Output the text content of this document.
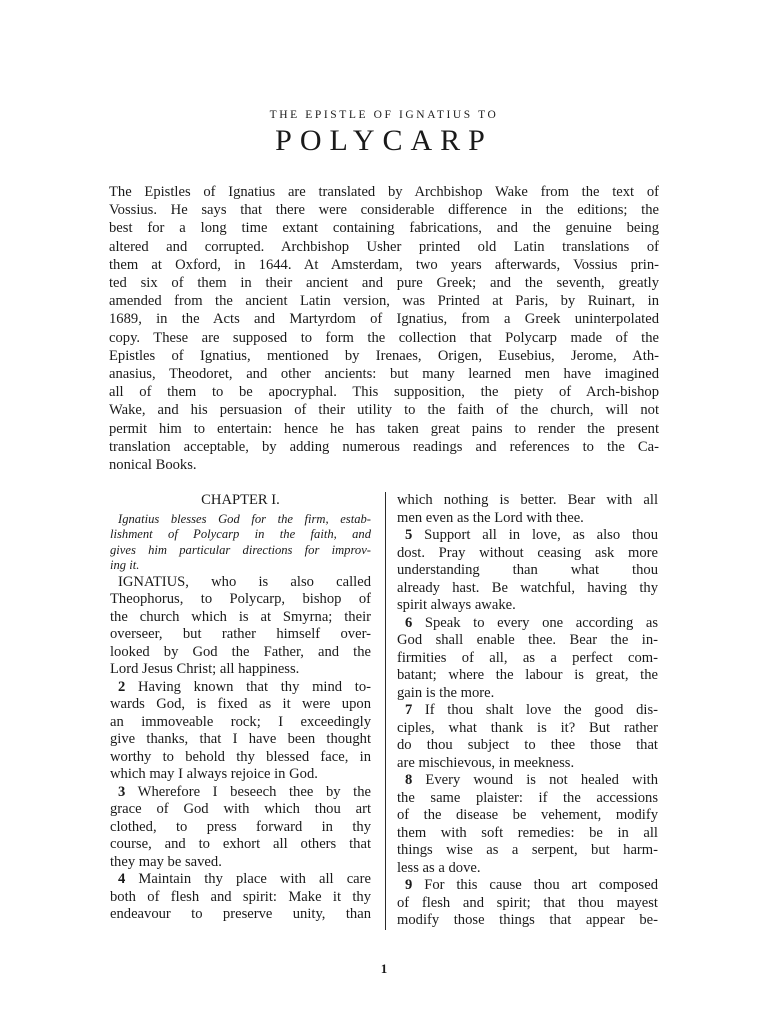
THE EPISTLE OF IGNATIUS TO
POLYCARP
The Epistles of Ignatius are translated by Archbishop Wake from the text of
Vossius. He says that there were considerable difference in the editions; the
best for a long time extant containing fabrications, and the genuine being
altered and corrupted. Archbishop Usher printed old Latin translations of
them at Oxford, in 1644. At Amsterdam, two years afterwards, Vossius prin-
ted six of them in their ancient and pure Greek; and the seventh, greatly
amended from the ancient Latin version, was Printed at Paris, by Ruinart, in
1689, in the Acts and Martyrdom of Ignatius, from a Greek uninterpolated
copy. These are supposed to form the collection that Polycarp made of the
Epistles of Ignatius, mentioned by Irenaes, Origen, Eusebius, Jerome, Ath-
anasius, Theodoret, and other ancients: but many learned men have imagined
all of them to be apocryphal. This supposition, the piety of Arch-bishop
Wake, and his persuasion of their utility to the faith of the church, will not
permit him to entertain: hence he has taken great pains to render the present
translation acceptable, by adding numerous readings and references to the Ca-
nonical Books.
CHAPTER I.
Ignatius blesses God for the firm, estab-
lishment of Polycarp in the faith, and
gives him particular directions for improv-
ing it.
IGNATIUS, who is also called
Theophorus, to Polycarp, bishop of
the church which is at Smyrna; their
overseer, but rather himself over-
looked by God the Father, and the
Lord Jesus Christ; all happiness.
2 Having known that thy mind to-
wards God, is fixed as it were upon
an immoveable rock; I exceedingly
give thanks, that I have been thought
worthy to behold thy blessed face, in
which may I always rejoice in God.
3 Wherefore I beseech thee by the
grace of God with which thou art
clothed, to press forward in thy
course, and to exhort all others that
they may be saved.
4 Maintain thy place with all care
both of flesh and spirit: Make it thy
endeavour to preserve unity, than
which nothing is better. Bear with all
men even as the Lord with thee.
5 Support all in love, as also thou
dost. Pray without ceasing ask more
understanding than what thou
already hast. Be watchful, having thy
spirit always awake.
6 Speak to every one according as
God shall enable thee. Bear the in-
firmities of all, as a perfect com-
batant; where the labour is great, the
gain is the more.
7 If thou shalt love the good dis-
ciples, what thank is it? But rather
do thou subject to thee those that
are mischievous, in meekness.
8 Every wound is not healed with
the same plaister: if the accessions
of the disease be vehement, modify
them with soft remedies: be in all
things wise as a serpent, but harm-
less as a dove.
9 For this cause thou art composed
of flesh and spirit; that thou mayest
modify those things that appear be-
1
